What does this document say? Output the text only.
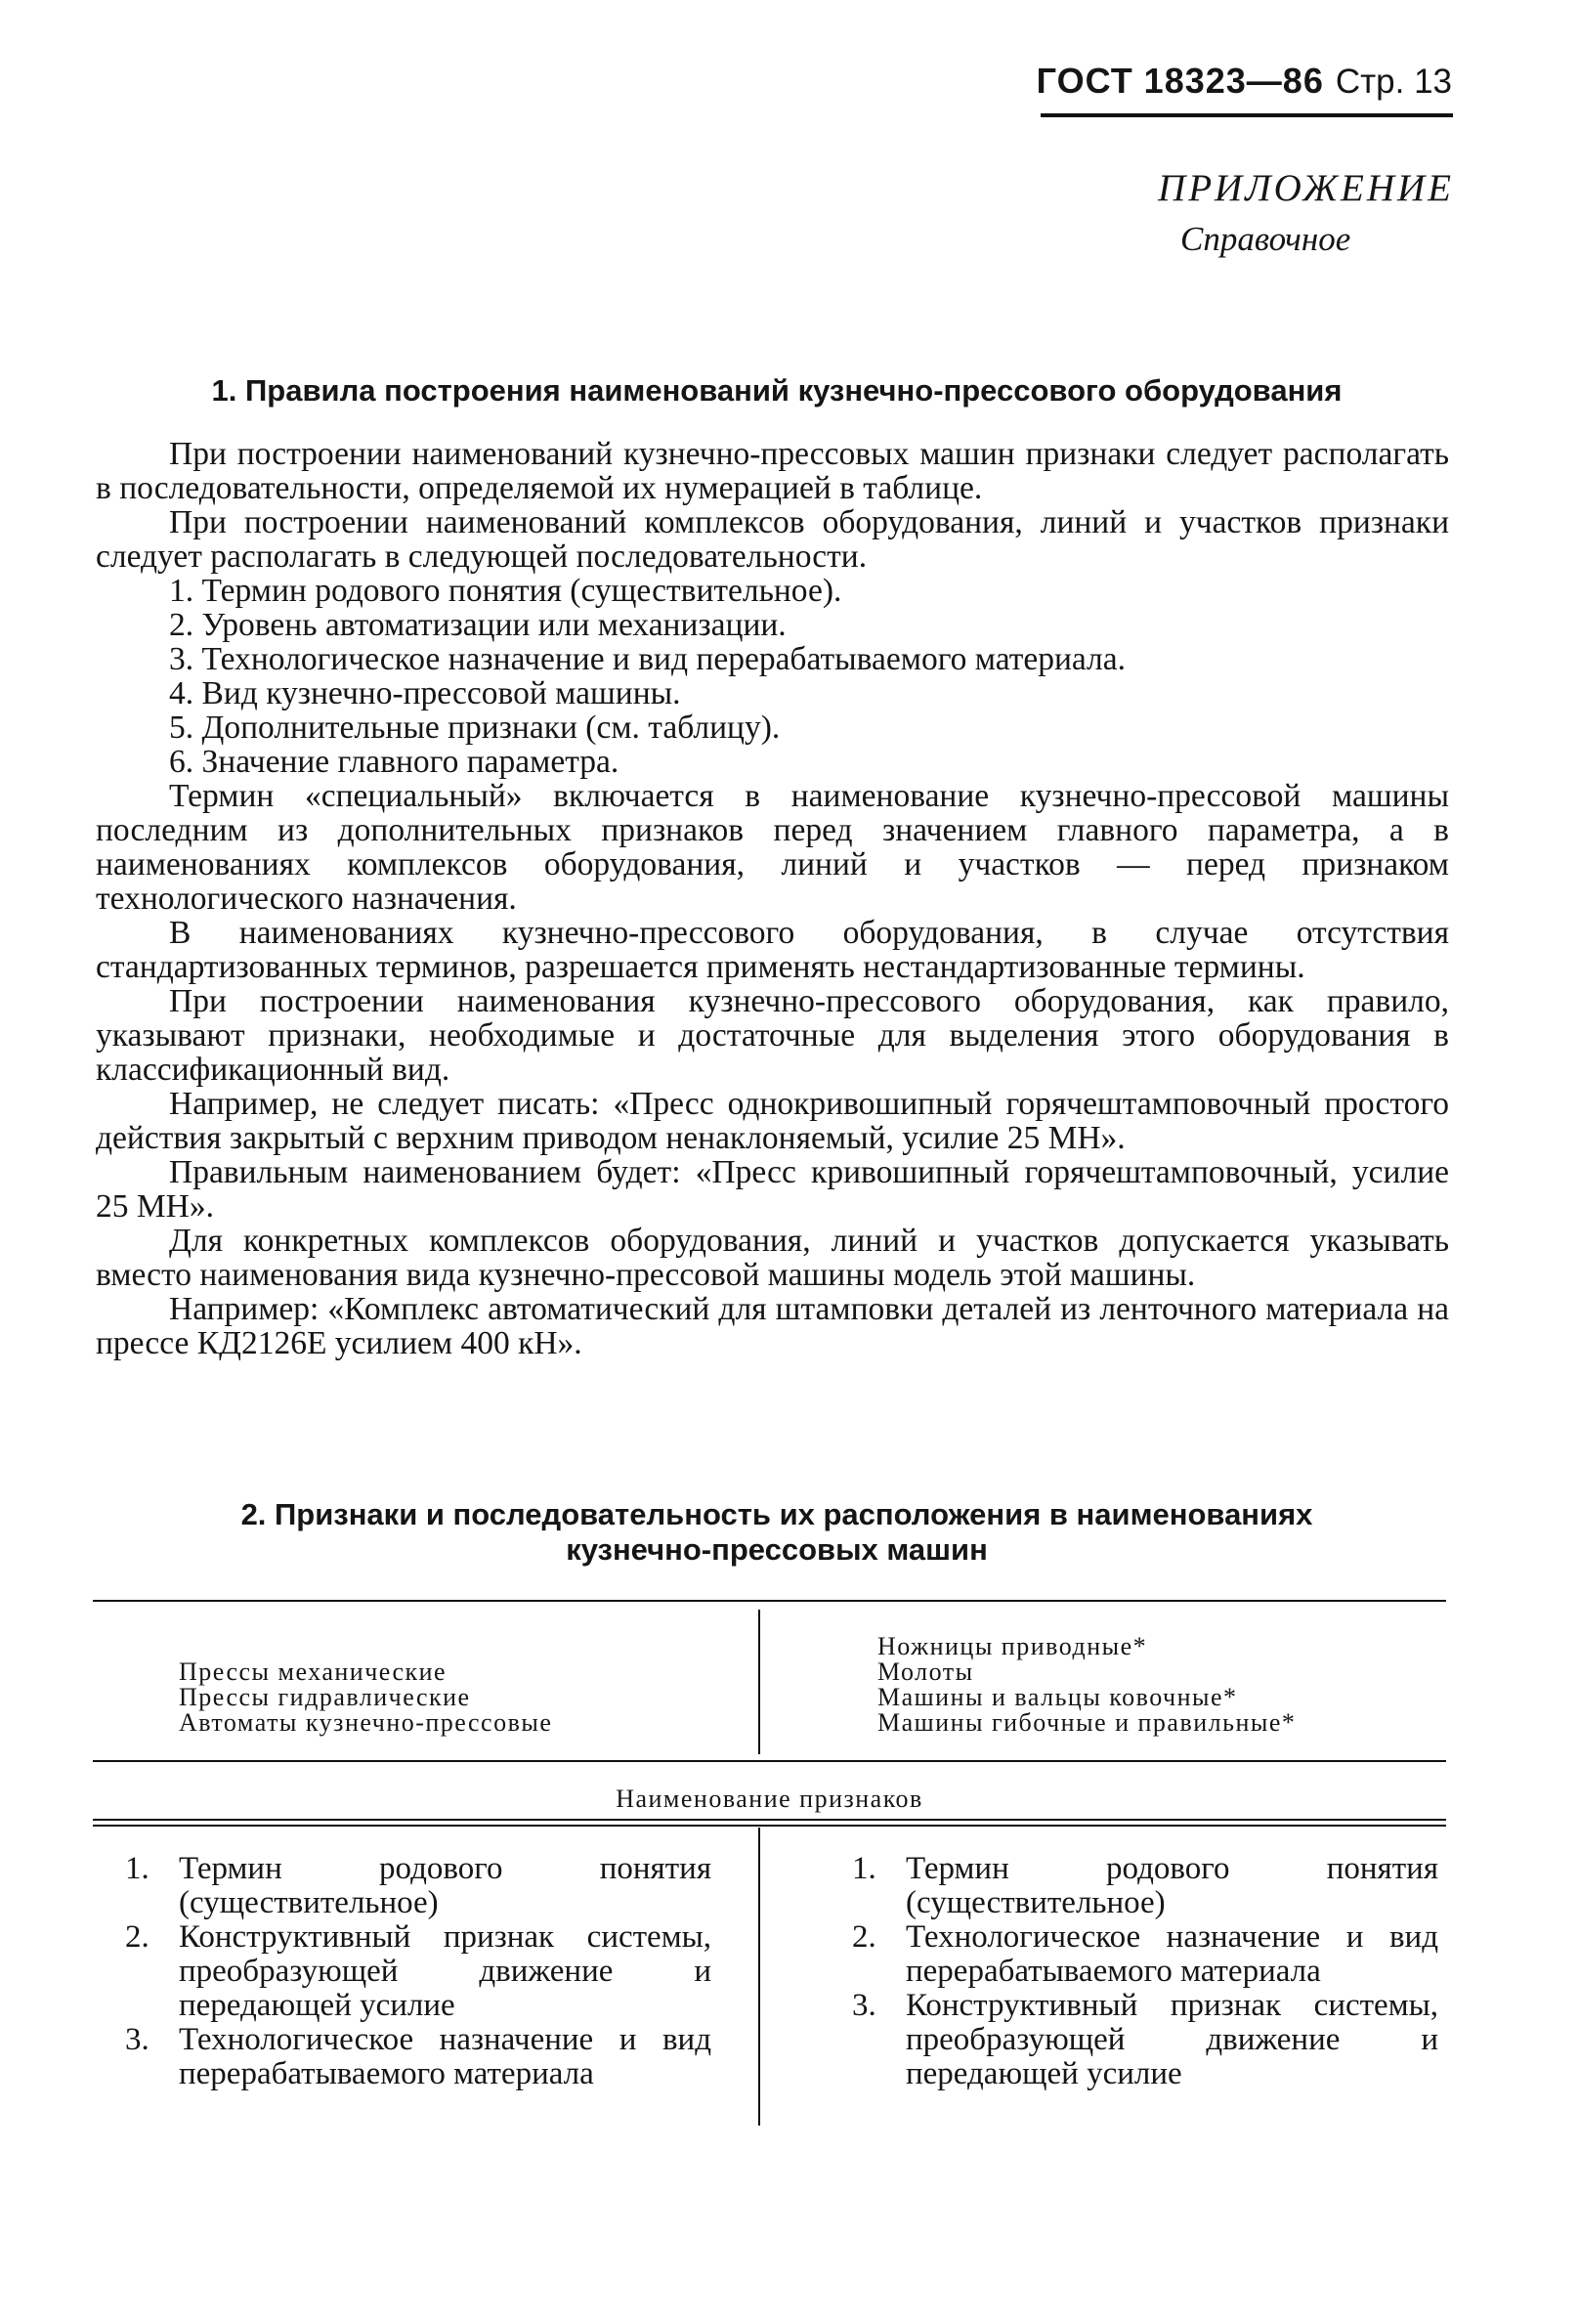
ГОСТ 18323—86 Стр. 13
ПРИЛОЖЕНИЕ
Справочное
1. Правила построения наименований кузнечно-прессового оборудования

При построении наименований кузнечно-прессовых машин признаки следует располагать в последовательности, определяемой их нумерацией в таблице.

При построении наименований комплексов оборудования, линий и участков признаки следует располагать в следующей последовательности.

1. Термин родового понятия (существительное).

2. Уровень автоматизации или механизации.

3. Технологическое назначение и вид перерабатываемого материала.

4. Вид кузнечно-прессовой машины.

5. Дополнительные признаки (см. таблицу).

6. Значение главного параметра.

Термин «специальный» включается в наименование кузнечно-прессовой машины последним из дополнительных признаков перед значением главного параметра, а в наименованиях комплексов оборудования, линий и участков — перед признаком технологического назначения.

В наименованиях кузнечно-прессового оборудования, в случае отсутствия стандартизованных терминов, разрешается применять нестандартизованные термины.

При построении наименования кузнечно-прессового оборудования, как правило, указывают признаки, необходимые и достаточные для выделения этого оборудования в классификационный вид.

Например, не следует писать: «Пресс однокривошипный горячештамповочный простого действия закрытый с верхним приводом ненаклоняемый, усилие 25 МН».

Правильным наименованием будет: «Пресс кривошипный горячештамповочный, усилие 25 МН».

Для конкретных комплексов оборудования, линий и участков допускается указывать вместо наименования вида кузнечно-прессовой машины модель этой машины.

Например: «Комплекс автоматический для штамповки деталей из ленточного материала на прессе КД2126Е усилием 400 кН».

2. Признаки и последовательность их расположения в наименованиях
кузнечно-прессовых машин
Прессы механические
Прессы гидравлические
Автоматы кузнечно-прессовые
Ножницы приводные*
Молоты
Машины и вальцы ковочные*
Машины гибочные и правильные*
Наименование признаков
1. Термин родового понятия (существительное)
2. Конструктивный признак системы, преобразующей движение и передающей усилие
3. Технологическое назначение и вид перерабатываемого материала
1. Термин родового понятия (существительное)
2. Технологическое назначение и вид перерабатываемого материала
3. Конструктивный признак системы, преобразующей движение и передающей усилие
